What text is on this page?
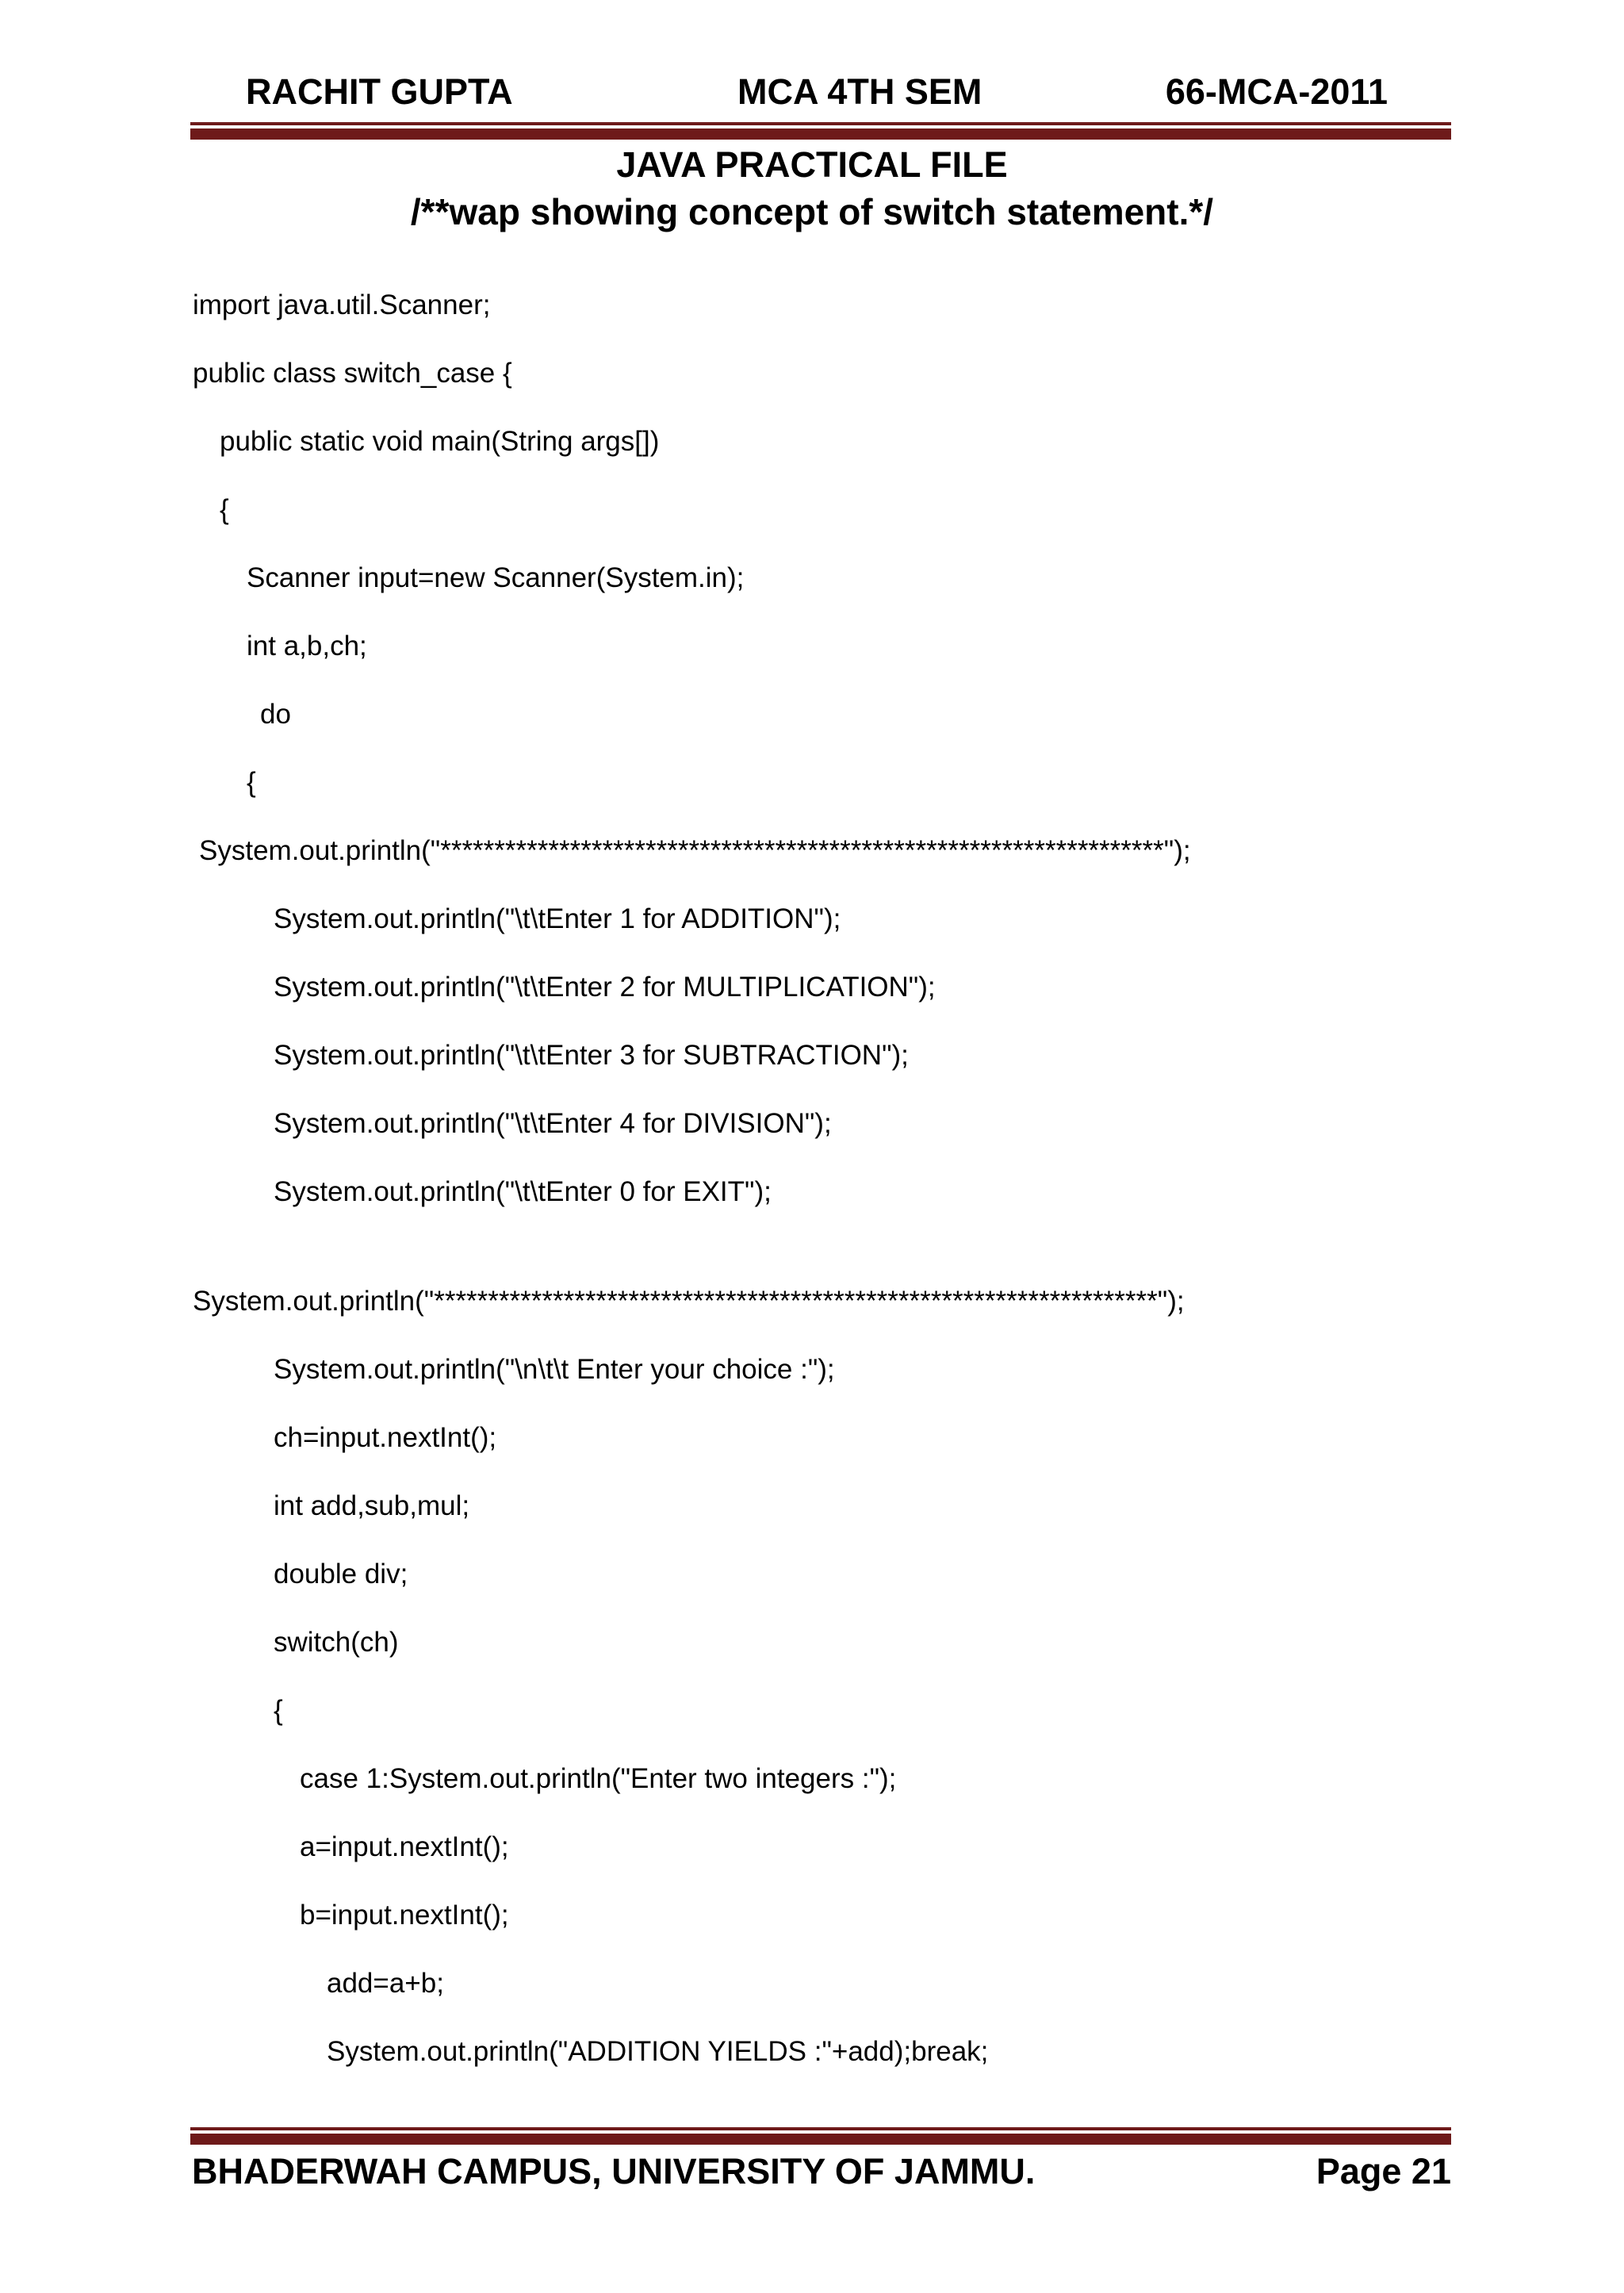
RACHIT GUPTA	MCA 4TH SEM	66-MCA-2011
JAVA PRACTICAL FILE
/**wap showing concept of switch statement.*/
import java.util.Scanner;
public class switch_case {
public static void main(String args[])
{
Scanner input=new Scanner(System.in);
int a,b,ch;
do
{
System.out.println("*******************************************************************");
System.out.println("\t\tEnter 1 for ADDITION");
System.out.println("\t\tEnter 2 for MULTIPLICATION");
System.out.println("\t\tEnter 3 for SUBTRACTION");
System.out.println("\t\tEnter 4 for DIVISION");
System.out.println("\t\tEnter 0 for EXIT");
System.out.println("*******************************************************************");
System.out.println("\n\t\t Enter your choice :");
ch=input.nextInt();
int add,sub,mul;
double div;
switch(ch)
{
case 1:System.out.println("Enter two integers :");
a=input.nextInt();
b=input.nextInt();
add=a+b;
System.out.println("ADDITION YIELDS :"+add);break;
BHADERWAH CAMPUS, UNIVERSITY OF JAMMU.	Page 21
